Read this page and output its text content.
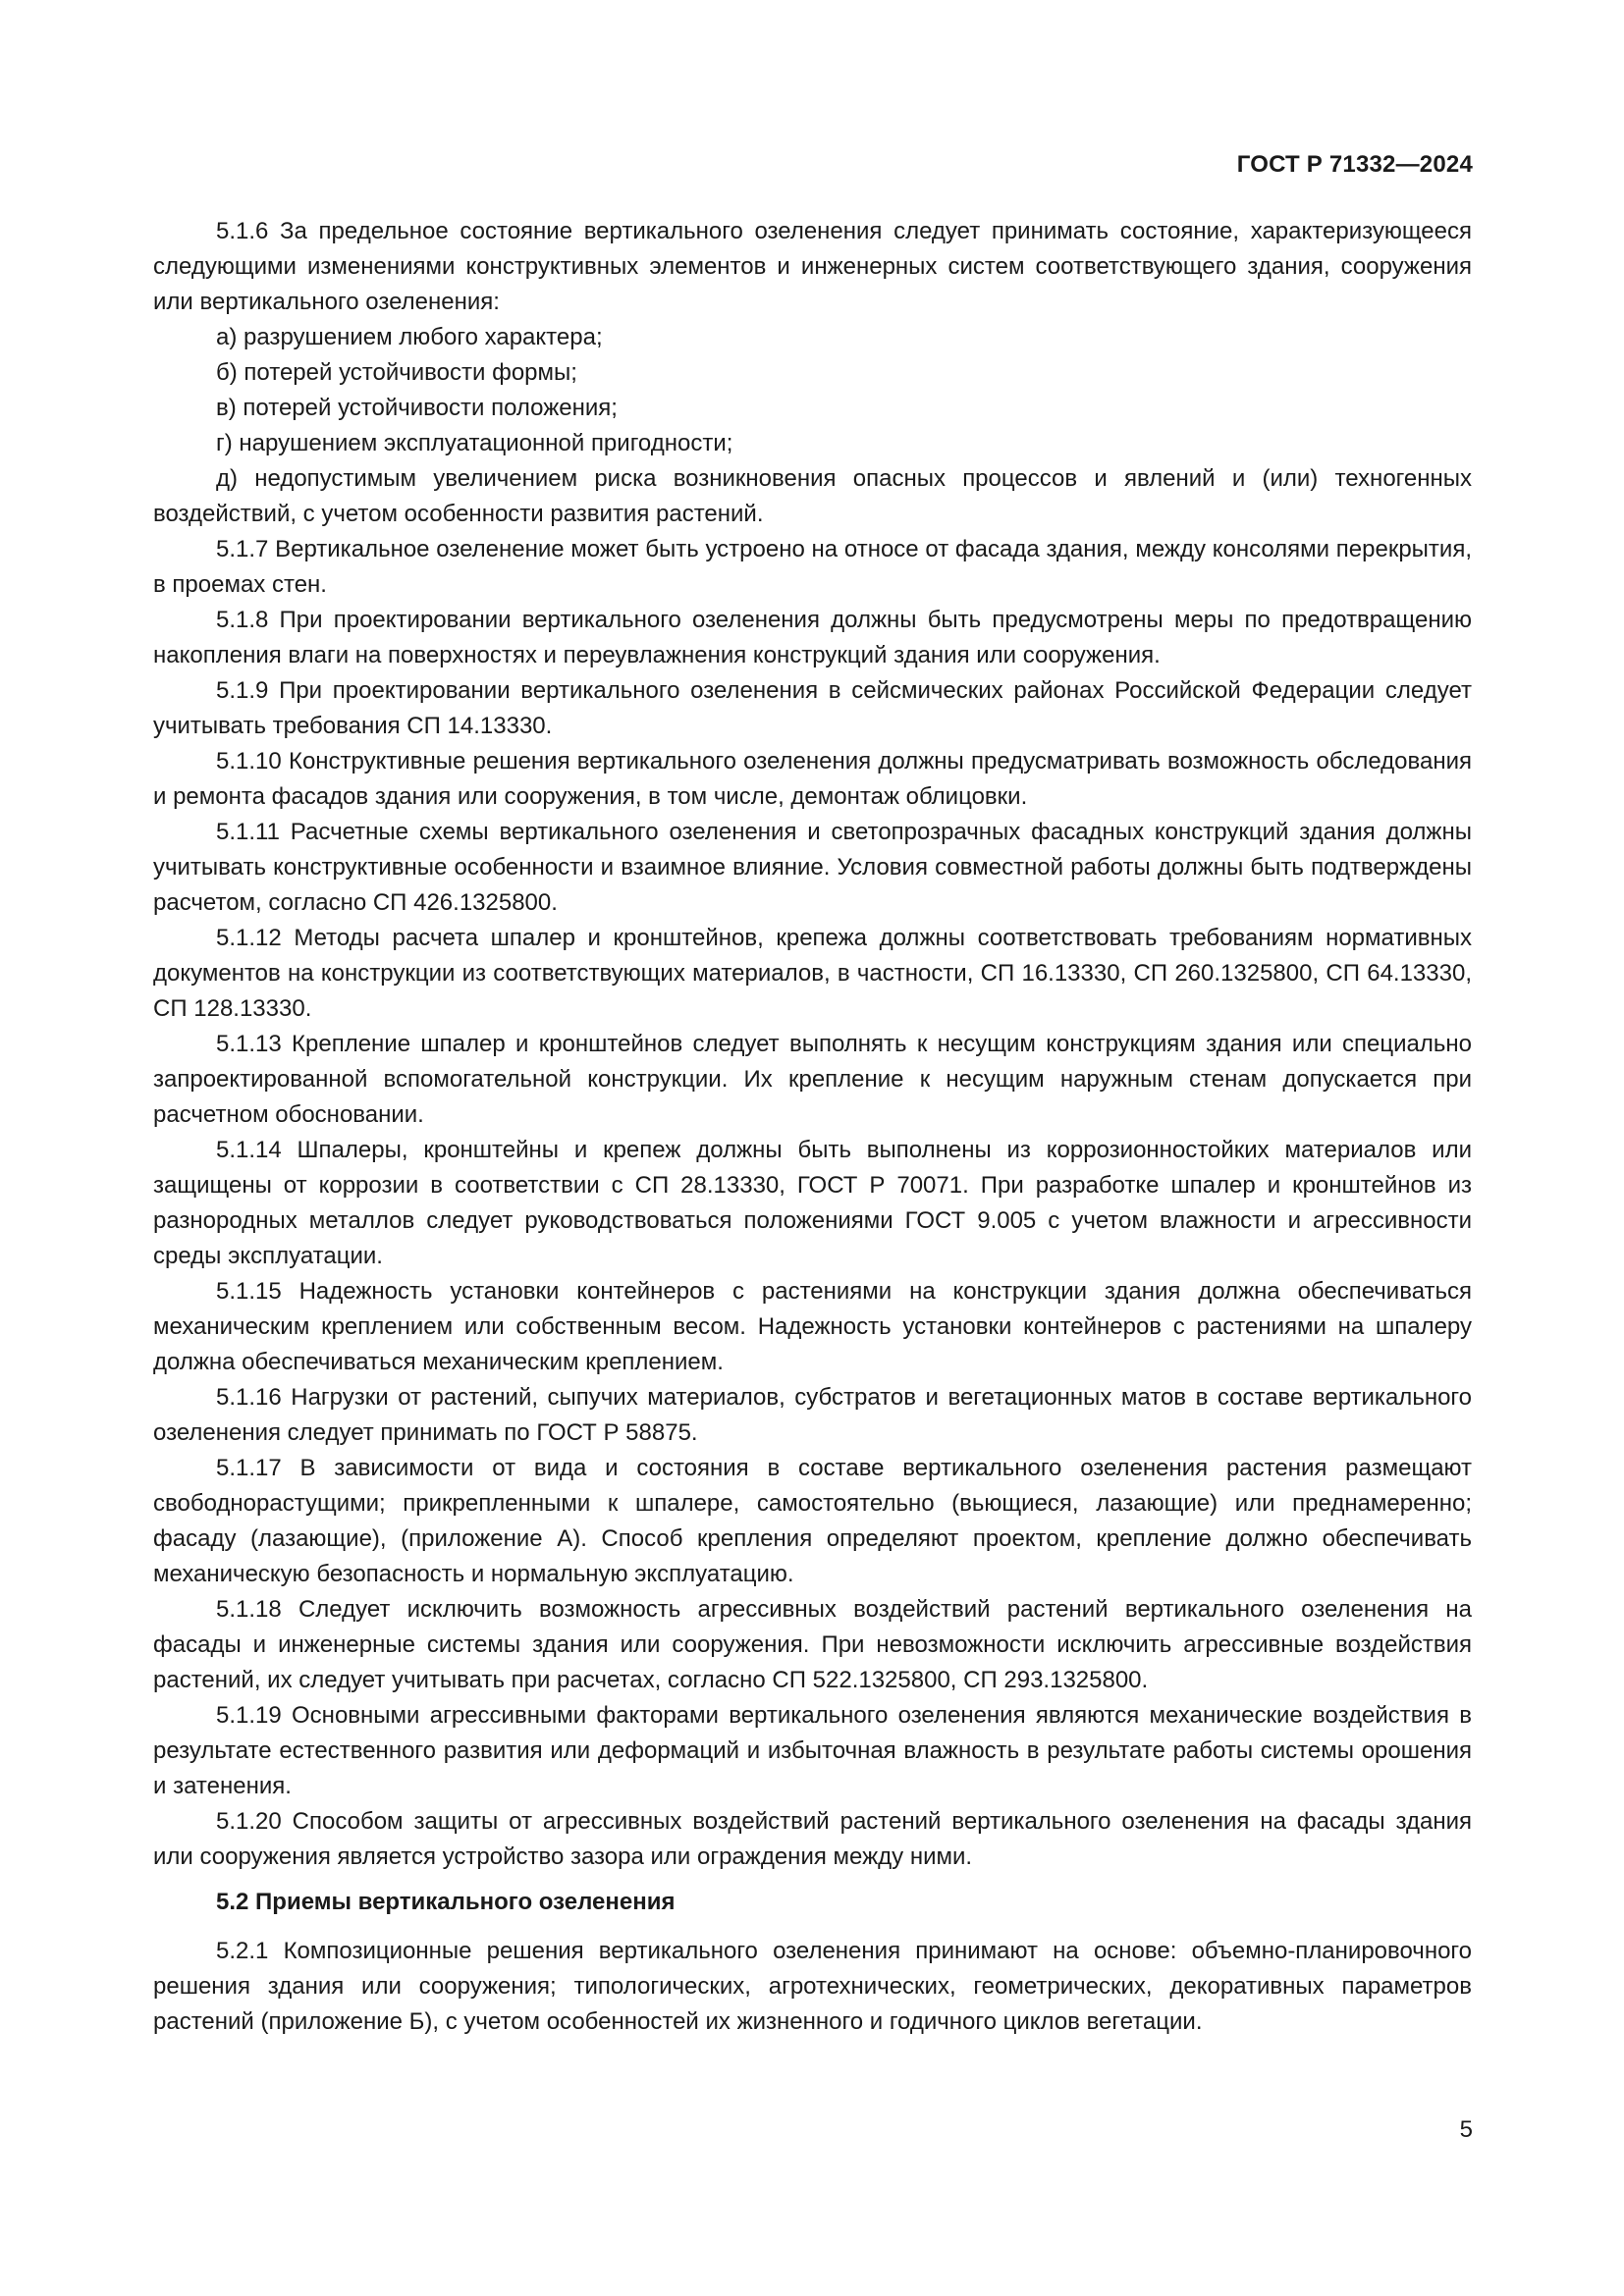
ГОСТ Р 71332—2024

5.1.6 За предельное состояние вертикального озеленения следует принимать состояние, характеризующееся следующими изменениями конструктивных элементов и инженерных систем соответствующего здания, сооружения или вертикального озеленения:

а) разрушением любого характера;

б) потерей устойчивости формы;

в) потерей устойчивости положения;

г) нарушением эксплуатационной пригодности;

д) недопустимым увеличением риска возникновения опасных процессов и явлений и (или) техногенных воздействий, с учетом особенности развития растений.

5.1.7 Вертикальное озеленение может быть устроено на относе от фасада здания, между консолями перекрытия, в проемах стен.

5.1.8 При проектировании вертикального озеленения должны быть предусмотрены меры по предотвращению накопления влаги на поверхностях и переувлажнения конструкций здания или сооружения.

5.1.9 При проектировании вертикального озеленения в сейсмических районах Российской Федерации следует учитывать требования СП 14.13330.

5.1.10 Конструктивные решения вертикального озеленения должны предусматривать возможность обследования и ремонта фасадов здания или сооружения, в том числе, демонтаж облицовки.

5.1.11 Расчетные схемы вертикального озеленения и светопрозрачных фасадных конструкций здания должны учитывать конструктивные особенности и взаимное влияние. Условия совместной работы должны быть подтверждены расчетом, согласно СП 426.1325800.

5.1.12 Методы расчета шпалер и кронштейнов, крепежа должны соответствовать требованиям нормативных документов на конструкции из соответствующих материалов, в частности, СП 16.13330, СП 260.1325800, СП 64.13330, СП 128.13330.

5.1.13 Крепление шпалер и кронштейнов следует выполнять к несущим конструкциям здания или специально запроектированной вспомогательной конструкции. Их крепление к несущим наружным стенам допускается при расчетном обосновании.

5.1.14 Шпалеры, кронштейны и крепеж должны быть выполнены из коррозионностойких материалов или защищены от коррозии в соответствии с СП 28.13330, ГОСТ Р 70071. При разработке шпалер и кронштейнов из разнородных металлов следует руководствоваться положениями ГОСТ 9.005 с учетом влажности и агрессивности среды эксплуатации.

5.1.15 Надежность установки контейнеров с растениями на конструкции здания должна обеспечиваться механическим креплением или собственным весом. Надежность установки контейнеров с растениями на шпалеру должна обеспечиваться механическим креплением.

5.1.16 Нагрузки от растений, сыпучих материалов, субстратов и вегетационных матов в составе вертикального озеленения следует принимать по ГОСТ Р 58875.

5.1.17 В зависимости от вида и состояния в составе вертикального озеленения растения размещают свободнорастущими; прикрепленными к шпалере, самостоятельно (вьющиеся, лазающие) или преднамеренно; фасаду (лазающие), (приложение А). Способ крепления определяют проектом, крепление должно обеспечивать механическую безопасность и нормальную эксплуатацию.

5.1.18 Следует исключить возможность агрессивных воздействий растений вертикального озеленения на фасады и инженерные системы здания или сооружения. При невозможности исключить агрессивные воздействия растений, их следует учитывать при расчетах, согласно СП 522.1325800, СП 293.1325800.

5.1.19 Основными агрессивными факторами вертикального озеленения являются механические воздействия в результате естественного развития или деформаций и избыточная влажность в результате работы системы орошения и затенения.

5.1.20 Способом защиты от агрессивных воздействий растений вертикального озеленения на фасады здания или сооружения является устройство зазора или ограждения между ними.

5.2 Приемы вертикального озеленения

5.2.1 Композиционные решения вертикального озеленения принимают на основе: объемно-планировочного решения здания или сооружения; типологических, агротехнических, геометрических, декоративных параметров растений (приложение Б), с учетом особенностей их жизненного и годичного циклов вегетации.

5
